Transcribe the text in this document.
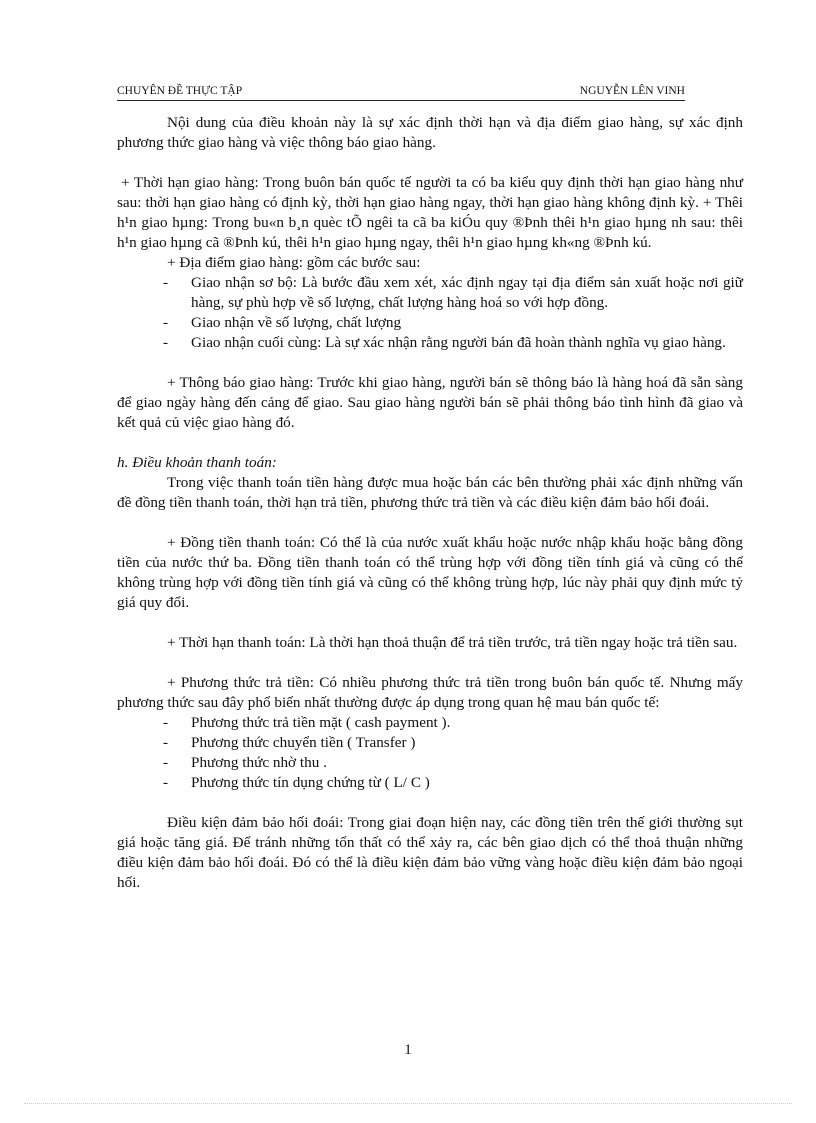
CHUYÊN ĐỀ THỰC TẬP	NGUYỄN LÊN VINH

Nội dung của điều khoản này là sự xác định thời hạn và địa điểm giao hàng, sự xác định phương thức giao hàng và việc thông báo giao hàng.

+ Thời hạn giao hàng: Trong buôn bán quốc tế người ta có ba kiểu quy định thời hạn giao hàng như sau: thời hạn giao hàng có định kỳ, thời hạn giao hàng ngay, thời hạn giao hàng không định kỳ. + Thêi h¹n giao hµng: Trong bu«n b¸n quèc tÕ ngêi ta cã ba kiÓu quy ®Þnh thêi h¹n giao hµng nh sau: thêi h¹n giao hµng cã ®Þnh kú, thêi h¹n giao hµng ngay, thêi h¹n giao hµng kh«ng ®Þnh kú.

+ Địa điểm giao hàng: gồm các bước sau:

- Giao nhận sơ bộ: Là bước đầu xem xét, xác định ngay tại địa điểm sản xuất hoặc nơi giữ hàng, sự phù hợp về số lượng, chất lượng hàng hoá so với hợp đồng.
- Giao nhận về số lượng, chất lượng
- Giao nhận cuối cùng: Là sự xác nhận rằng người bán đã hoàn thành nghĩa vụ giao hàng.

+ Thông báo giao hàng: Trước khi giao hàng, người bán sẽ thông báo là hàng hoá đã sẵn sàng để giao ngày hàng đến cảng để giao. Sau giao hàng người bán sẽ phải thông báo tình hình đã giao và kết quả củ việc giao hàng đó.

h. Điều khoản thanh toán:

Trong việc thanh toán tiền hàng được mua hoặc bán các bên thường phải xác định những vấn đề đồng tiền thanh toán, thời hạn trả tiền, phương thức trả tiền và các điều kiện đảm bảo hối đoái.

+ Đồng tiền thanh toán: Có thể là của nước xuất khẩu hoặc nước nhập khẩu hoặc bằng đồng tiền của nước thứ ba. Đồng tiền thanh toán có thể trùng hợp với đồng tiền tính giá và cũng có thể không trùng hợp với đồng tiền tính giá và cũng có thể không trùng hợp, lúc này phải quy định mức tỷ giá quy đổi.

+ Thời hạn thanh toán: Là thời hạn thoả thuận để trả tiền trước, trả tiền ngay hoặc trả tiền sau.

+ Phương thức trả tiền: Có nhiều phương thức trả tiền trong buôn bán quốc tế. Nhưng mấy phương thức sau đây phổ biến nhất thường được áp dụng trong quan hệ mau bán quốc tế:

- Phương thức trả tiền mặt ( cash payment ).
- Phương thức chuyển tiền ( Transfer )
- Phương thức nhờ thu .
- Phương thức tín dụng chứng từ ( L/ C )

Điều kiện đảm bảo hối đoái: Trong giai đoạn hiện nay, các đồng tiền trên thế giới thường sụt giá hoặc tăng giá. Để tránh những tổn thất có thể xảy ra, các bên giao dịch có thể thoả thuận những điều kiện đảm bảo hối đoái. Đó có thể là điều kiện đảm bảo vững vàng hoặc điều kiện đảm bảo ngoại hối.

1
